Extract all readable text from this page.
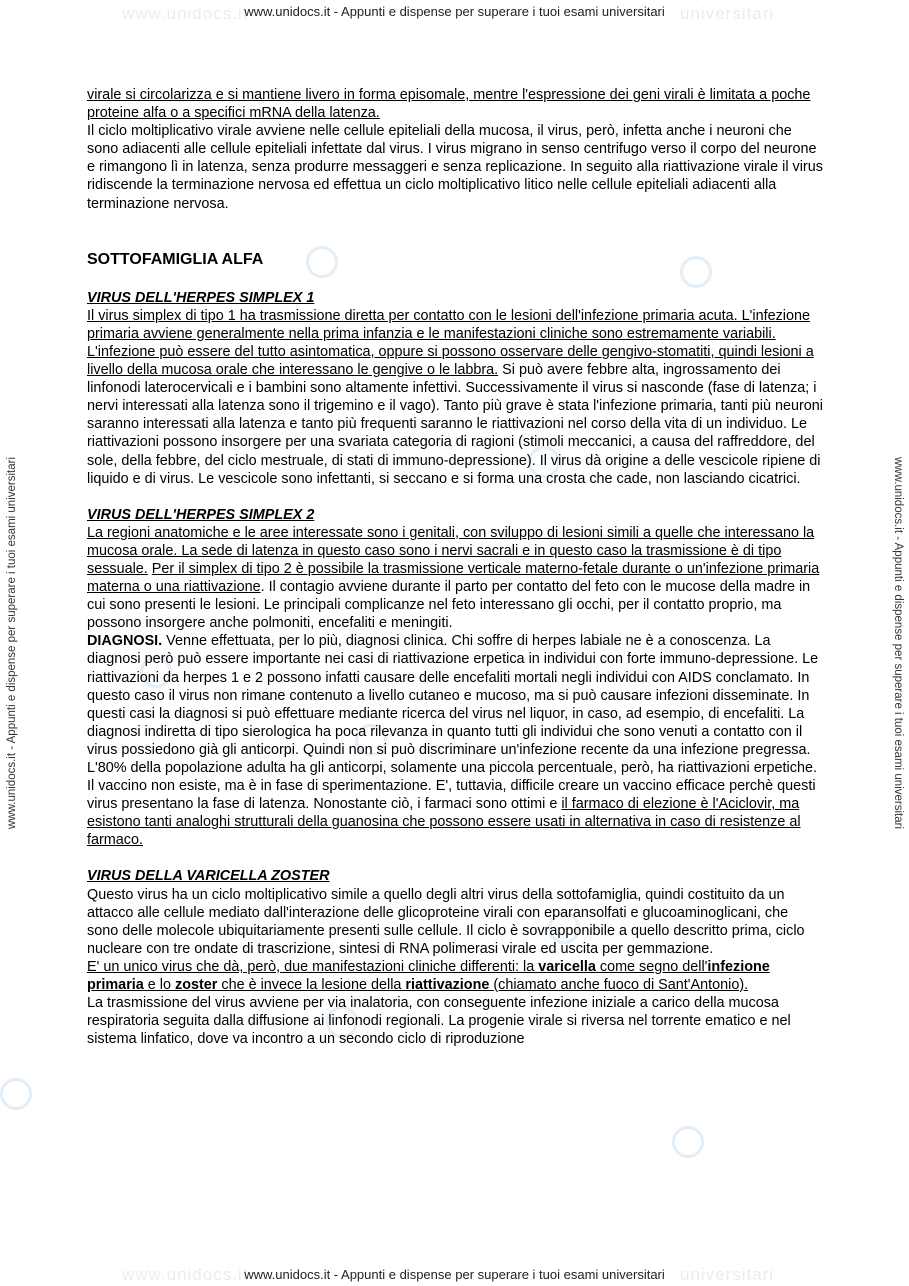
www.unidocs.it	universitari
www.unidocs.it	universitari
www.unidocs.it - Appunti e dispense per superare i tuoi esami universitari
www.unidocs.it - Appunti e dispense per superare i tuoi esami universitari
www.unidocs.it - Appunti e dispense per superare i tuoi esami universitari	www.unidocs.it - Appunti e dispense per superare i tuoi esami universitari

virale si circolarizza e si mantiene livero in forma episomale, mentre l'espressione dei geni virali è limitata a poche proteine alfa o a specifici mRNA della latenza.

Il ciclo moltiplicativo virale avviene nelle cellule epiteliali della mucosa, il virus, però, infetta anche i neuroni che sono adiacenti alle cellule epiteliali infettate dal virus. I virus migrano in senso centrifugo verso il corpo del neurone e rimangono lì in latenza, senza produrre messaggeri e senza replicazione. In seguito alla riattivazione virale il virus ridiscende la terminazione nervosa ed effettua un ciclo moltiplicativo litico nelle cellule epiteliali adiacenti alla terminazione nervosa.

SOTTOFAMIGLIA ALFA
VIRUS DELL'HERPES SIMPLEX 1

Il virus simplex di tipo 1 ha trasmissione diretta per contatto con le lesioni dell'infezione primaria acuta. L'infezione primaria avviene generalmente nella prima infanzia e le manifestazioni cliniche sono estremamente variabili. L'infezione può essere del tutto asintomatica, oppure si possono osservare delle gengivo-stomatiti, quindi lesioni a livello della mucosa orale che interessano le gengive o le labbra. Si può avere febbre alta, ingrossamento dei linfonodi laterocervicali e i bambini sono altamente infettivi. Successivamente il virus si nasconde (fase di latenza; i nervi interessati alla latenza sono il trigemino e il vago). Tanto più grave è stata l'infezione primaria, tanti più neuroni saranno interessati alla latenza e tanto più frequenti saranno le riattivazioni nel corso della vita di un individuo. Le riattivazioni possono insorgere per una svariata categoria di ragioni (stimoli meccanici, a causa del raffreddore, del sole, della febbre, del ciclo mestruale, di stati di immuno-depressione). Il virus dà origine a delle vescicole ripiene di liquido e di virus. Le vescicole sono infettanti, si seccano e si forma una crosta che cade, non lasciando cicatrici.

VIRUS DELL'HERPES SIMPLEX 2

La regioni anatomiche e le aree interessate sono i genitali, con sviluppo di lesioni simili a quelle che interessano la mucosa orale. La sede di latenza in questo caso sono i nervi sacrali e in questo caso la trasmissione è di tipo sessuale. Per il simplex di tipo 2 è possibile la trasmissione verticale materno-fetale durante o un'infezione primaria materna o una riattivazione. Il contagio avviene durante il parto per contatto del feto con le mucose della madre in cui sono presenti le lesioni. Le principali complicanze nel feto interessano gli occhi, per il contatto proprio, ma possono insorgere anche polmoniti, encefaliti e meningiti.

DIAGNOSI. Venne effettuata, per lo più, diagnosi clinica. Chi soffre di herpes labiale ne è a conoscenza. La diagnosi però può essere importante nei casi di riattivazione erpetica in individui con forte immuno-depressione. Le riattivazioni da herpes 1 e 2 possono infatti causare delle encefaliti mortali negli individui con AIDS conclamato. In questo caso il virus non rimane contenuto a livello cutaneo e mucoso, ma si può causare infezioni disseminate. In questi casi la diagnosi si può effettuare mediante ricerca del virus nel liquor, in caso, ad esempio, di encefaliti. La diagnosi indiretta di tipo sierologica ha poca rilevanza in quanto tutti gli individui che sono venuti a contatto con il virus possiedono già gli anticorpi. Quindi non si può discriminare un'infezione recente da una infezione pregressa. L'80% della popolazione adulta ha gli anticorpi, solamente una piccola percentuale, però, ha riattivazioni erpetiche. Il vaccino non esiste, ma è in fase di sperimentazione. E', tuttavia, difficile creare un vaccino efficace perchè questi virus presentano la fase di latenza. Nonostante ciò, i farmaci sono ottimi e il farmaco di elezione è l'Aciclovir, ma esistono tanti analoghi strutturali della guanosina che possono essere usati in alternativa in caso di resistenze al farmaco.

VIRUS DELLA VARICELLA ZOSTER

Questo virus ha un ciclo moltiplicativo simile a quello degli altri virus della sottofamiglia, quindi costituito da un attacco alle cellule mediato dall'interazione delle glicoproteine virali con eparansolfati e glucoaminoglicani, che sono delle molecole ubiquitariamente presenti sulle cellule. Il ciclo è sovrapponibile a quello descritto prima, ciclo nucleare con tre ondate di trascrizione, sintesi di RNA polimerasi virale ed uscita per gemmazione.

E' un unico virus che dà, però, due manifestazioni cliniche differenti: la varicella come segno dell'infezione primaria e lo zoster che è invece la lesione della riattivazione (chiamato anche fuoco di Sant'Antonio).

La trasmissione del virus avviene per via inalatoria, con conseguente infezione iniziale a carico della mucosa respiratoria seguita dalla diffusione ai linfonodi regionali. La progenie virale si riversa nel torrente ematico e nel sistema linfatico, dove va incontro a un secondo ciclo di riproduzione
